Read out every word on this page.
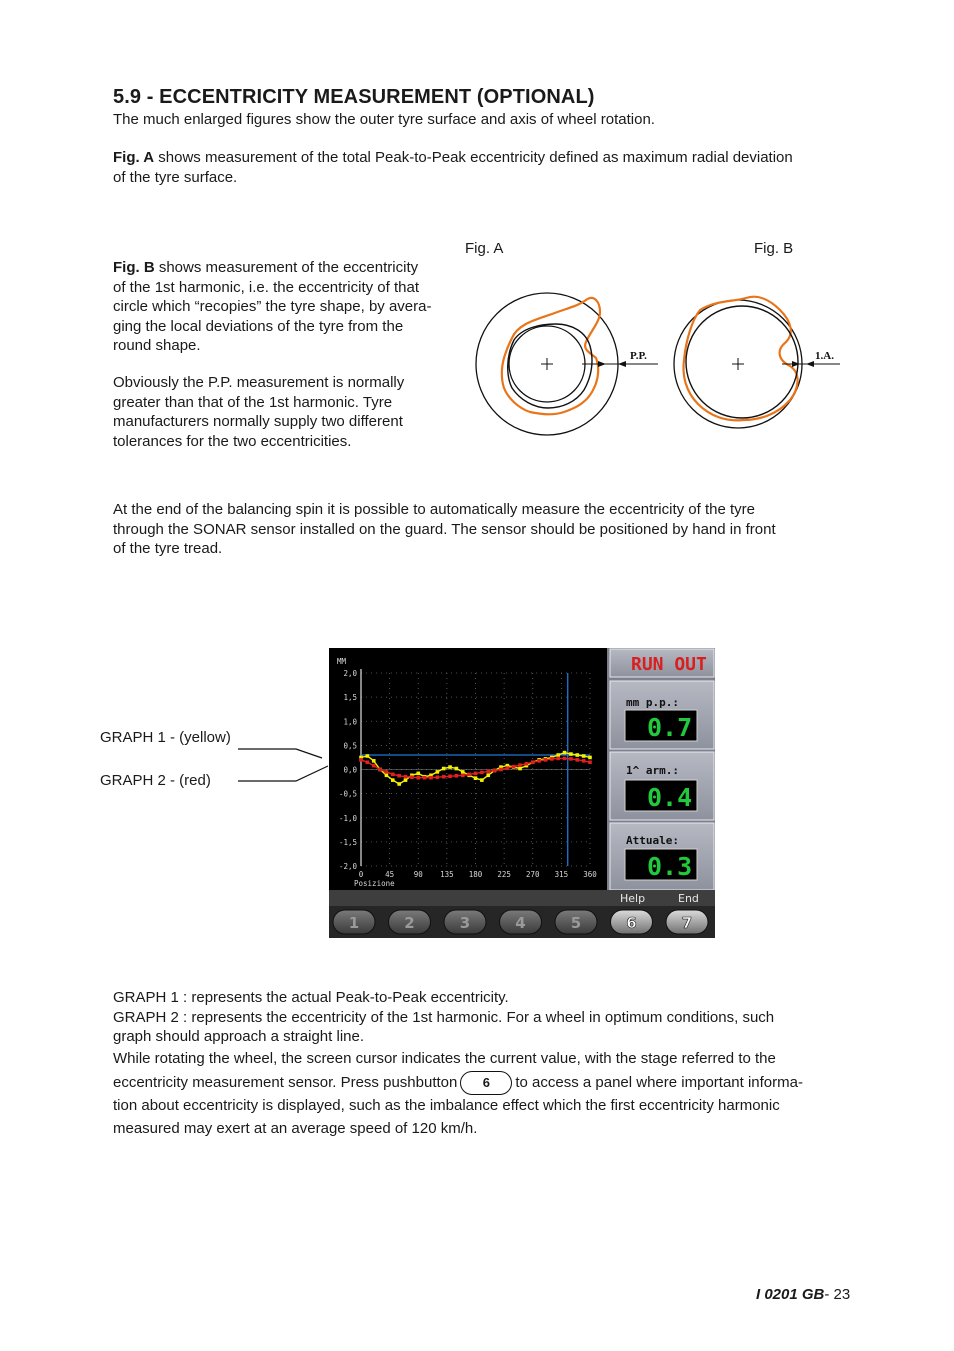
5.9 - ECCENTRICITY MEASUREMENT (OPTIONAL)

The much enlarged figures show the outer tyre surface and axis of wheel rotation.

Fig. A shows measurement of the total Peak-to-Peak eccentricity defined as maximum radial deviation

of the tyre surface.

Fig. B shows measurement of the eccentricity

of the 1st harmonic, i.e. the eccentricity of that

circle which “recopies” the tyre shape, by avera-

ging the local deviations of the tyre from the

round shape.

Obviously the P.P. measurement is normally

greater than that of the 1st harmonic. Tyre

manufacturers normally supply two different

tolerances for the two eccentricities.

Fig. A	Fig. B
P.P.	1.A.

At the end of the balancing spin it is possible to automatically measure the eccentricity of the tyre

through the SONAR sensor installed on the guard. The sensor should be positioned by hand in front

of the tyre tread.

GRAPH 1 - (yellow)
GRAPH 2 - (red)
2,0
1,5
1,0
0,5
0,0
-0,5
-1,0
-1,5
-2,0
0	45	90 135 180 225 270 315 360
MM
Posizione
RUN OUT
mm p.p.:
0.7
1^ arm.:
0.4
Attuale:
0.3
Help	End
1	2	3	4	5	6	7

GRAPH 1 : represents the actual Peak-to-Peak eccentricity.

GRAPH 2 : represents the eccentricity of the 1st harmonic. For a wheel in optimum conditions, such

graph should approach a straight line.

While rotating the wheel, the screen cursor indicates the current value, with the stage referred to the

eccentricity measurement sensor. Press pushbutton 6 to access a panel where important informa-

tion about eccentricity is displayed, such as the imbalance effect which the first eccentricity harmonic

measured may exert at an average speed of 120 km/h.

I 0201 GB- 23
